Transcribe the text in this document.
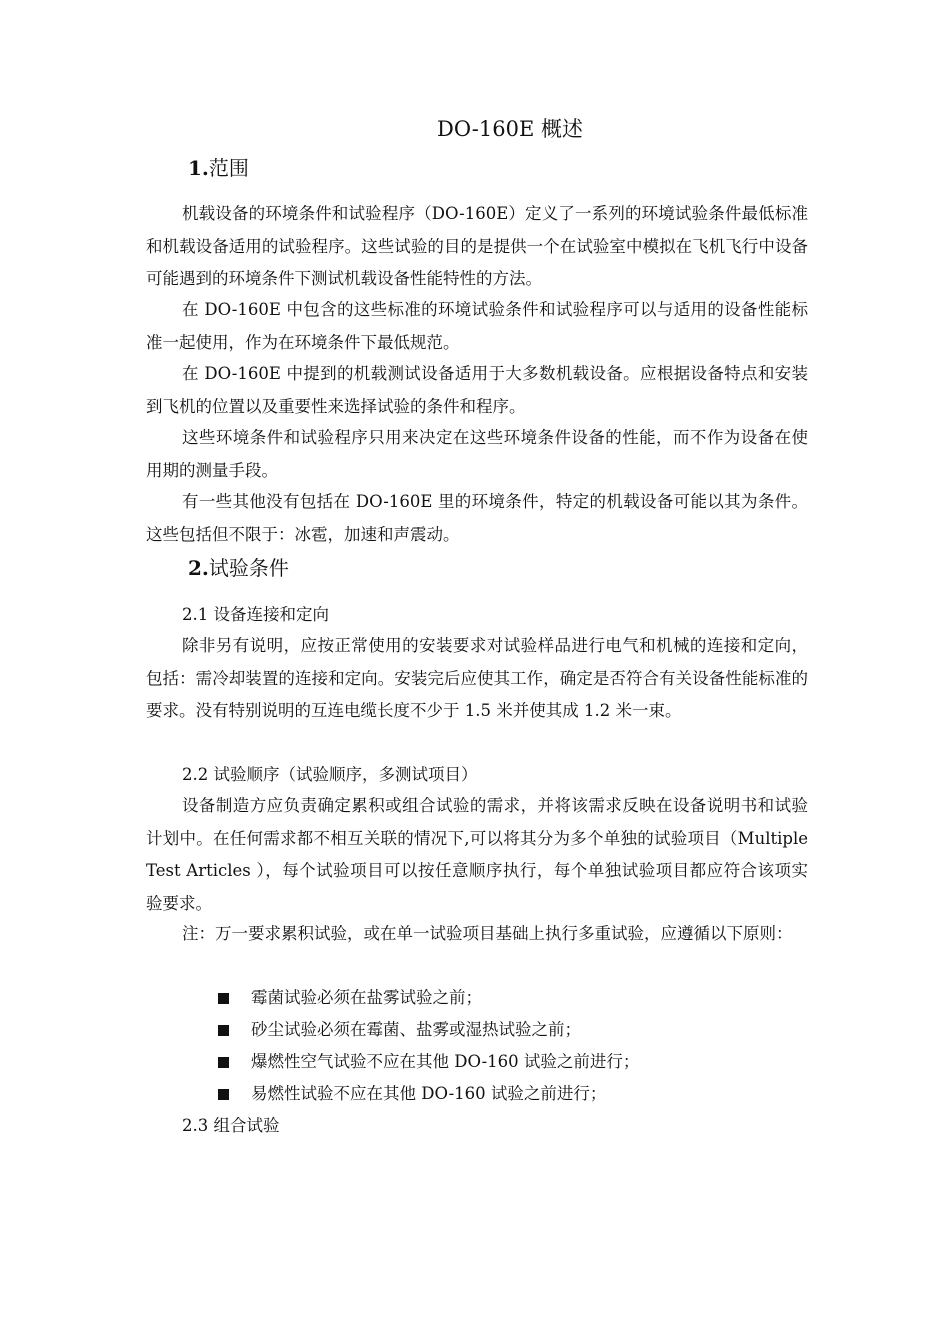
DO-160E 概述
1.范围
机载设备的环境条件和试验程序（DO-160E）定义了一系列的环境试验条件最低标准和机载设备适用的试验程序。这些试验的目的是提供一个在试验室中模拟在飞机飞行中设备可能遇到的环境条件下测试机载设备性能特性的方法。
在 DO-160E 中包含的这些标准的环境试验条件和试验程序可以与适用的设备性能标准一起使用，作为在环境条件下最低规范。
在 DO-160E 中提到的机载测试设备适用于大多数机载设备。应根据设备特点和安装到飞机的位置以及重要性来选择试验的条件和程序。
这些环境条件和试验程序只用来决定在这些环境条件设备的性能，而不作为设备在使用期的测量手段。
有一些其他没有包括在 DO-160E 里的环境条件，特定的机载设备可能以其为条件。这些包括但不限于：冰雹，加速和声震动。
2.试验条件
2.1 设备连接和定向
除非另有说明，应按正常使用的安装要求对试验样品进行电气和机械的连接和定向，包括：需冷却装置的连接和定向。安装完后应使其工作，确定是否符合有关设备性能标准的要求。没有特别说明的互连电缆长度不少于 1.5 米并使其成 1.2 米一束。
2.2 试验顺序（试验顺序，多测试项目）
设备制造方应负责确定累积或组合试验的需求，并将该需求反映在设备说明书和试验计划中。在任何需求都不相互关联的情况下,可以将其分为多个单独的试验项目（Multiple Test Articles ），每个试验项目可以按任意顺序执行，每个单独试验项目都应符合该项实验要求。
注：万一要求累积试验，或在单一试验项目基础上执行多重试验，应遵循以下原则：
霉菌试验必须在盐雾试验之前；
砂尘试验必须在霉菌、盐雾或湿热试验之前；
爆燃性空气试验不应在其他 DO-160 试验之前进行；
易燃性试验不应在其他 DO-160 试验之前进行；
2.3 组合试验
